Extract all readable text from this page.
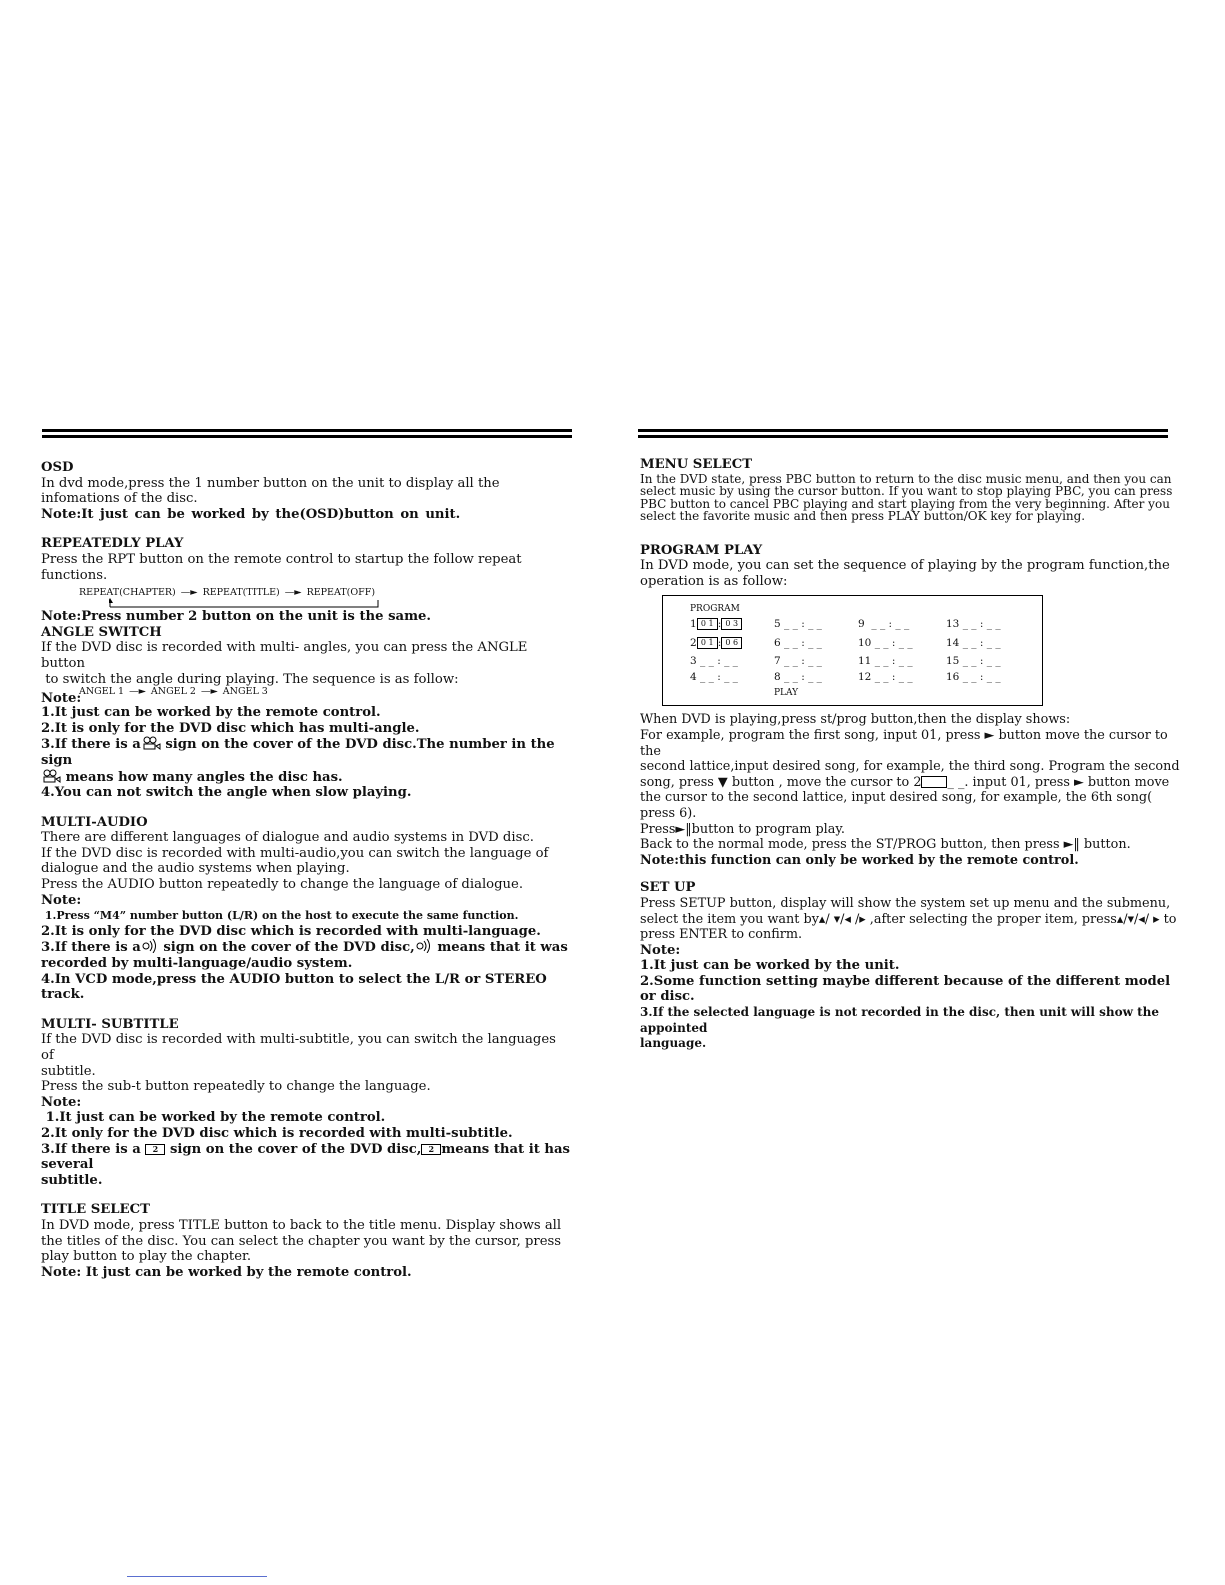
OSD

In dvd mode,press the 1 number button on the unit to display all the

infomations of the disc.

Note:It just can be worked by the(OSD)button on unit.

REPEATEDLY PLAY

Press the RPT button on the remote control to startup the follow repeat functions.

REPEAT(CHAPTER) —► REPEAT(TITLE) —► REPEAT(OFF)

Note:Press number 2 button on the unit is the same.

ANGLE SWITCH

If the DVD disc is recorded with multi- angles, you can press the ANGLE button

to switch the angle during playing. The sequence is as follow:

Note:
ANGEL 1 —► ANGEL 2 —► ANGEL 3

1.It just can be worked by the remote control.

2.It is only for the DVD disc which has multi-angle.

3.If there is a sign on the cover of the DVD disc.The number in the sign

means how many angles the disc has.

4.You can not switch the angle when slow playing.

MULTI-AUDIO

There are different languages of dialogue and audio systems in DVD disc.

If the DVD disc is recorded with multi-audio,you can switch the language of

dialogue and the audio systems when playing.

Press the AUDIO button repeatedly to change the language of dialogue.

Note:

1.Press “M4” number button (L/R) on the host to execute the same function.

2.It is only for the DVD disc which is recorded with multi-language.

3.If there is a sign on the cover of the DVD disc, means that it was

recorded by multi-language/audio system.

4.In VCD mode,press the AUDIO button to select the L/R or STEREO track.

MULTI- SUBTITLE

If the DVD disc is recorded with multi-subtitle, you can switch the languages of

subtitle.

Press the sub-t button repeatedly to change the language.

Note:

1.It just can be worked by the remote control.

2.It only for the DVD disc which is recorded with multi-subtitle.

3.If there is a 2 sign on the cover of the DVD disc, 2 means that it has several

subtitle.

TITLE SELECT

In DVD mode, press TITLE button to back to the title menu. Display shows all

the titles of the disc. You can select the chapter you want by the cursor, press

play button to play the chapter.

Note: It just can be worked by the remote control.

MENU SELECT

In the DVD state, press PBC button to return to the disc music menu, and then you can

select music by using the cursor button. If you want to stop playing PBC, you can press

PBC button to cancel PBC playing and start playing from the very beginning. After you

select the favorite music and then press PLAY button/OK key for playing.

PROGRAM PLAY

In DVD mode, you can set the sequence of playing by the program function,the

operation is as follow:

PROGRAM
1 0 1 : 0 3
2 0 1 : 0 6
3 _ _ : _ _
4 _ _ : _ _
5 _ _ : _ _
6 _ _ : _ _
7 _ _ : _ _
8 _ _ : _ _
PLAY
9  _ _ : _ _
10 _ _ : _ _
11 _ _ : _ _
12 _ _ : _ _
13 _ _ : _ _
14 _ _ : _ _
15 _ _ : _ _
16 _ _ : _ _

When DVD is playing,press st/prog button,then the display shows:

For example, program the first song, input 01, press ► button move the cursor to the

second lattice,input desired song, for example, the third song. Program the second

song, press ▼ button , move the cursor to 2 _ _. input 01, press ► button move

the cursor to the second lattice, input desired song, for example, the 6th song( press 6).

Press►‖button to program play.

Back to the normal mode, press the ST/PROG button, then press ►‖ button.

Note:this function can only be worked by the remote control.

SET UP

Press SETUP button, display will show the system set up menu and the submenu,

select the item you want by▴/ ▾/◂ /▸ ,after selecting the proper item, press▴/▾/◂/ ▸ to

press ENTER to confirm.

Note:

1.It just can be worked by the unit.

2.Some function setting maybe different because of the different model or disc.

3.If the selected language is not recorded in the disc, then unit will show the appointed

language.
